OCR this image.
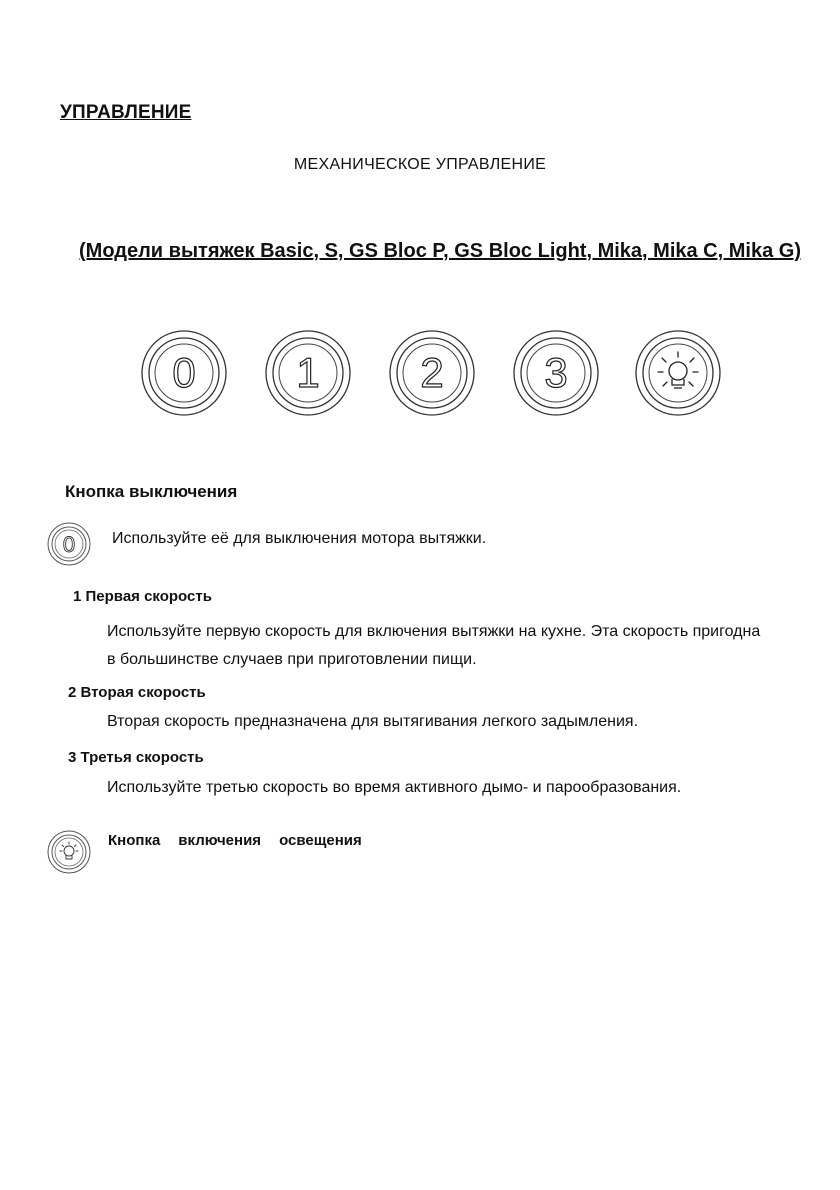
УПРАВЛЕНИЕ
МЕХАНИЧЕСКОЕ УПРАВЛЕНИЕ
(Модели вытяжек Basic, S, GS Bloc P, GS Bloc Light, Mika, Mika C, Mika G)
0 1 2 3
Кнопка выключения
0 Используйте её для выключения мотора вытяжки.
1 Первая скорость
Используйте первую скорость для включения вытяжки на кухне. Эта скорость пригодна
в большинстве случаев при приготовлении пищи.
2 Вторая скорость
Вторая скорость предназначена для вытягивания легкого задымления.
3 Третья скорость
Используйте третью скорость во время активного дымо- и парообразования.
Кнопка включения освещения
